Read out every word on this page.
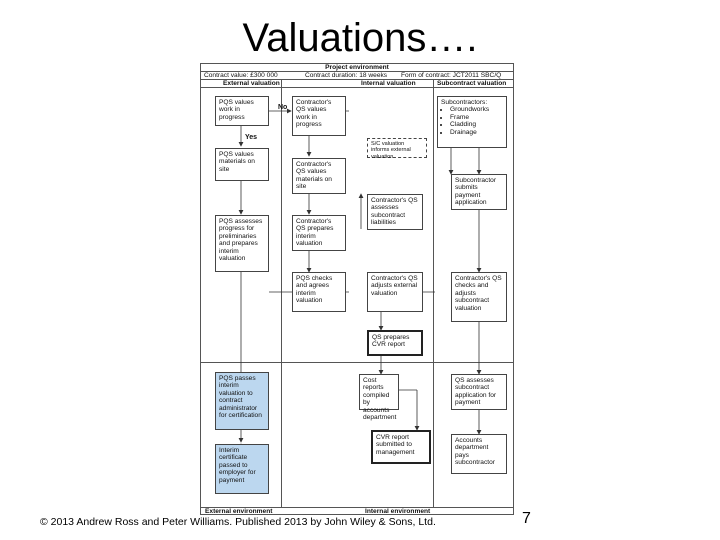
Valuations….
Project environment
Contract value: £300 000	Contract duration: 18 weeks Form of contract: JCT2011 SBC/Q
External valuation	Internal valuation	Subcontract valuation
PQS values work in progress
No
Yes
Contractor's QS values work in progress
Subcontractors:
• Groundworks
• Frame
• Cladding
• Drainage
S/C valuation informs external valuation
PQS values materials on site
Contractor's QS values materials on site
Subcontractor submits payment application
Contractor's QS assesses subcontract liabilities
PQS assesses progress for preliminaries and prepares interim valuation
Contractor's QS prepares interim valuation
PQS checks and agrees interim valuation
Contractor's QS adjusts external valuation
Contractor's QS checks and adjusts subcontract valuation
QS prepares CVR report
PQS passes interim valuation to contract administrator for certification
Cost reports compiled by accounts department
QS assesses subcontract application for payment
Interim certificate passed to employer for payment
CVR report submitted to management
Accounts department pays subcontractor
External environment	Internal environment
© 2013 Andrew Ross and Peter Williams. Published 2013 by John Wiley & Sons, Ltd.	7
